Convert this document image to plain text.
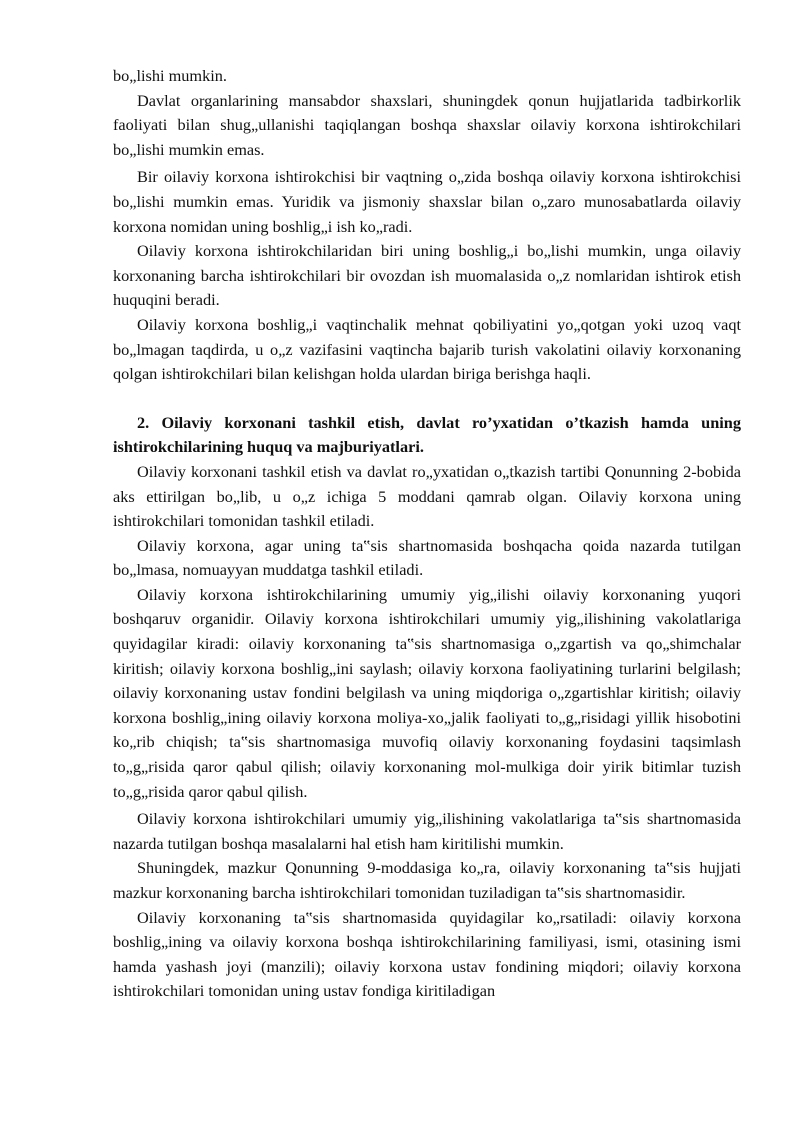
bo„lishi mumkin.

Davlat organlarining mansabdor shaxslari, shuningdek qonun hujjatlarida tadbirkorlik faoliyati bilan shug„ullanishi taqiqlangan boshqa shaxslar oilaviy korxona ishtirokchilari bo„lishi mumkin emas.

Bir oilaviy korxona ishtirokchisi bir vaqtning o„zida boshqa oilaviy korxona ishtirokchisi bo„lishi mumkin emas. Yuridik va jismoniy shaxslar bilan o„zaro munosabatlarda oilaviy korxona nomidan uning boshlig„i ish ko„radi.

Oilaviy korxona ishtirokchilaridan biri uning boshlig„i bo„lishi mumkin, unga oilaviy korxonaning barcha ishtirokchilari bir ovozdan ish muomalasida o„z nomlaridan ishtirok etish huquqini beradi.

Oilaviy korxona boshlig„i vaqtinchalik mehnat qobiliyatini yo„qotgan yoki uzoq vaqt bo„lmagan taqdirda, u o„z vazifasini vaqtincha bajarib turish vakolatini oilaviy korxonaning qolgan ishtirokchilari bilan kelishgan holda ulardan biriga berishga haqli.

2. Oilaviy korxonani tashkil etish, davlat ro’yxatidan o’tkazish hamda uning ishtirokchilarining huquq va majburiyatlari.

Oilaviy korxonani tashkil etish va davlat ro„yxatidan o„tkazish tartibi Qonunning 2-bobida aks ettirilgan bo„lib, u o„z ichiga 5 moddani qamrab olgan. Oilaviy korxona uning ishtirokchilari tomonidan tashkil etiladi.

Oilaviy korxona, agar uning ta‟sis shartnomasida boshqacha qoida nazarda tutilgan bo„lmasa, nomuayyan muddatga tashkil etiladi.

Oilaviy korxona ishtirokchilarining umumiy yig„ilishi oilaviy korxonaning yuqori boshqaruv organidir. Oilaviy korxona ishtirokchilari umumiy yig„ilishining vakolatlariga quyidagilar kiradi: oilaviy korxonaning ta‟sis shartnomasiga o„zgartish va qo„shimchalar kiritish; oilaviy korxona boshlig„ini saylash; oilaviy korxona faoliyatining turlarini belgilash; oilaviy korxonaning ustav fondini belgilash va uning miqdoriga o„zgartishlar kiritish; oilaviy korxona boshlig„ining oilaviy korxona moliya-xo„jalik faoliyati to„g„risidagi yillik hisobotini ko„rib chiqish; ta‟sis shartnomasiga muvofiq oilaviy korxonaning foydasini taqsimlash to„g„risida qaror qabul qilish; oilaviy korxonaning mol-mulkiga doir yirik bitimlar tuzish to„g„risida qaror qabul qilish.

Oilaviy korxona ishtirokchilari umumiy yig„ilishining vakolatlariga ta‟sis shartnomasida nazarda tutilgan boshqa masalalarni hal etish ham kiritilishi mumkin.

Shuningdek, mazkur Qonunning 9-moddasiga ko„ra, oilaviy korxonaning ta‟sis hujjati mazkur korxonaning barcha ishtirokchilari tomonidan tuziladigan ta‟sis shartnomasidir.

Oilaviy korxonaning ta‟sis shartnomasida quyidagilar ko„rsatiladi: oilaviy korxona boshlig„ining va oilaviy korxona boshqa ishtirokchilarining familiyasi, ismi, otasining ismi hamda yashash joyi (manzili); oilaviy korxona ustav fondining miqdori; oilaviy korxona ishtirokchilari tomonidan uning ustav fondiga kiritiladigan
